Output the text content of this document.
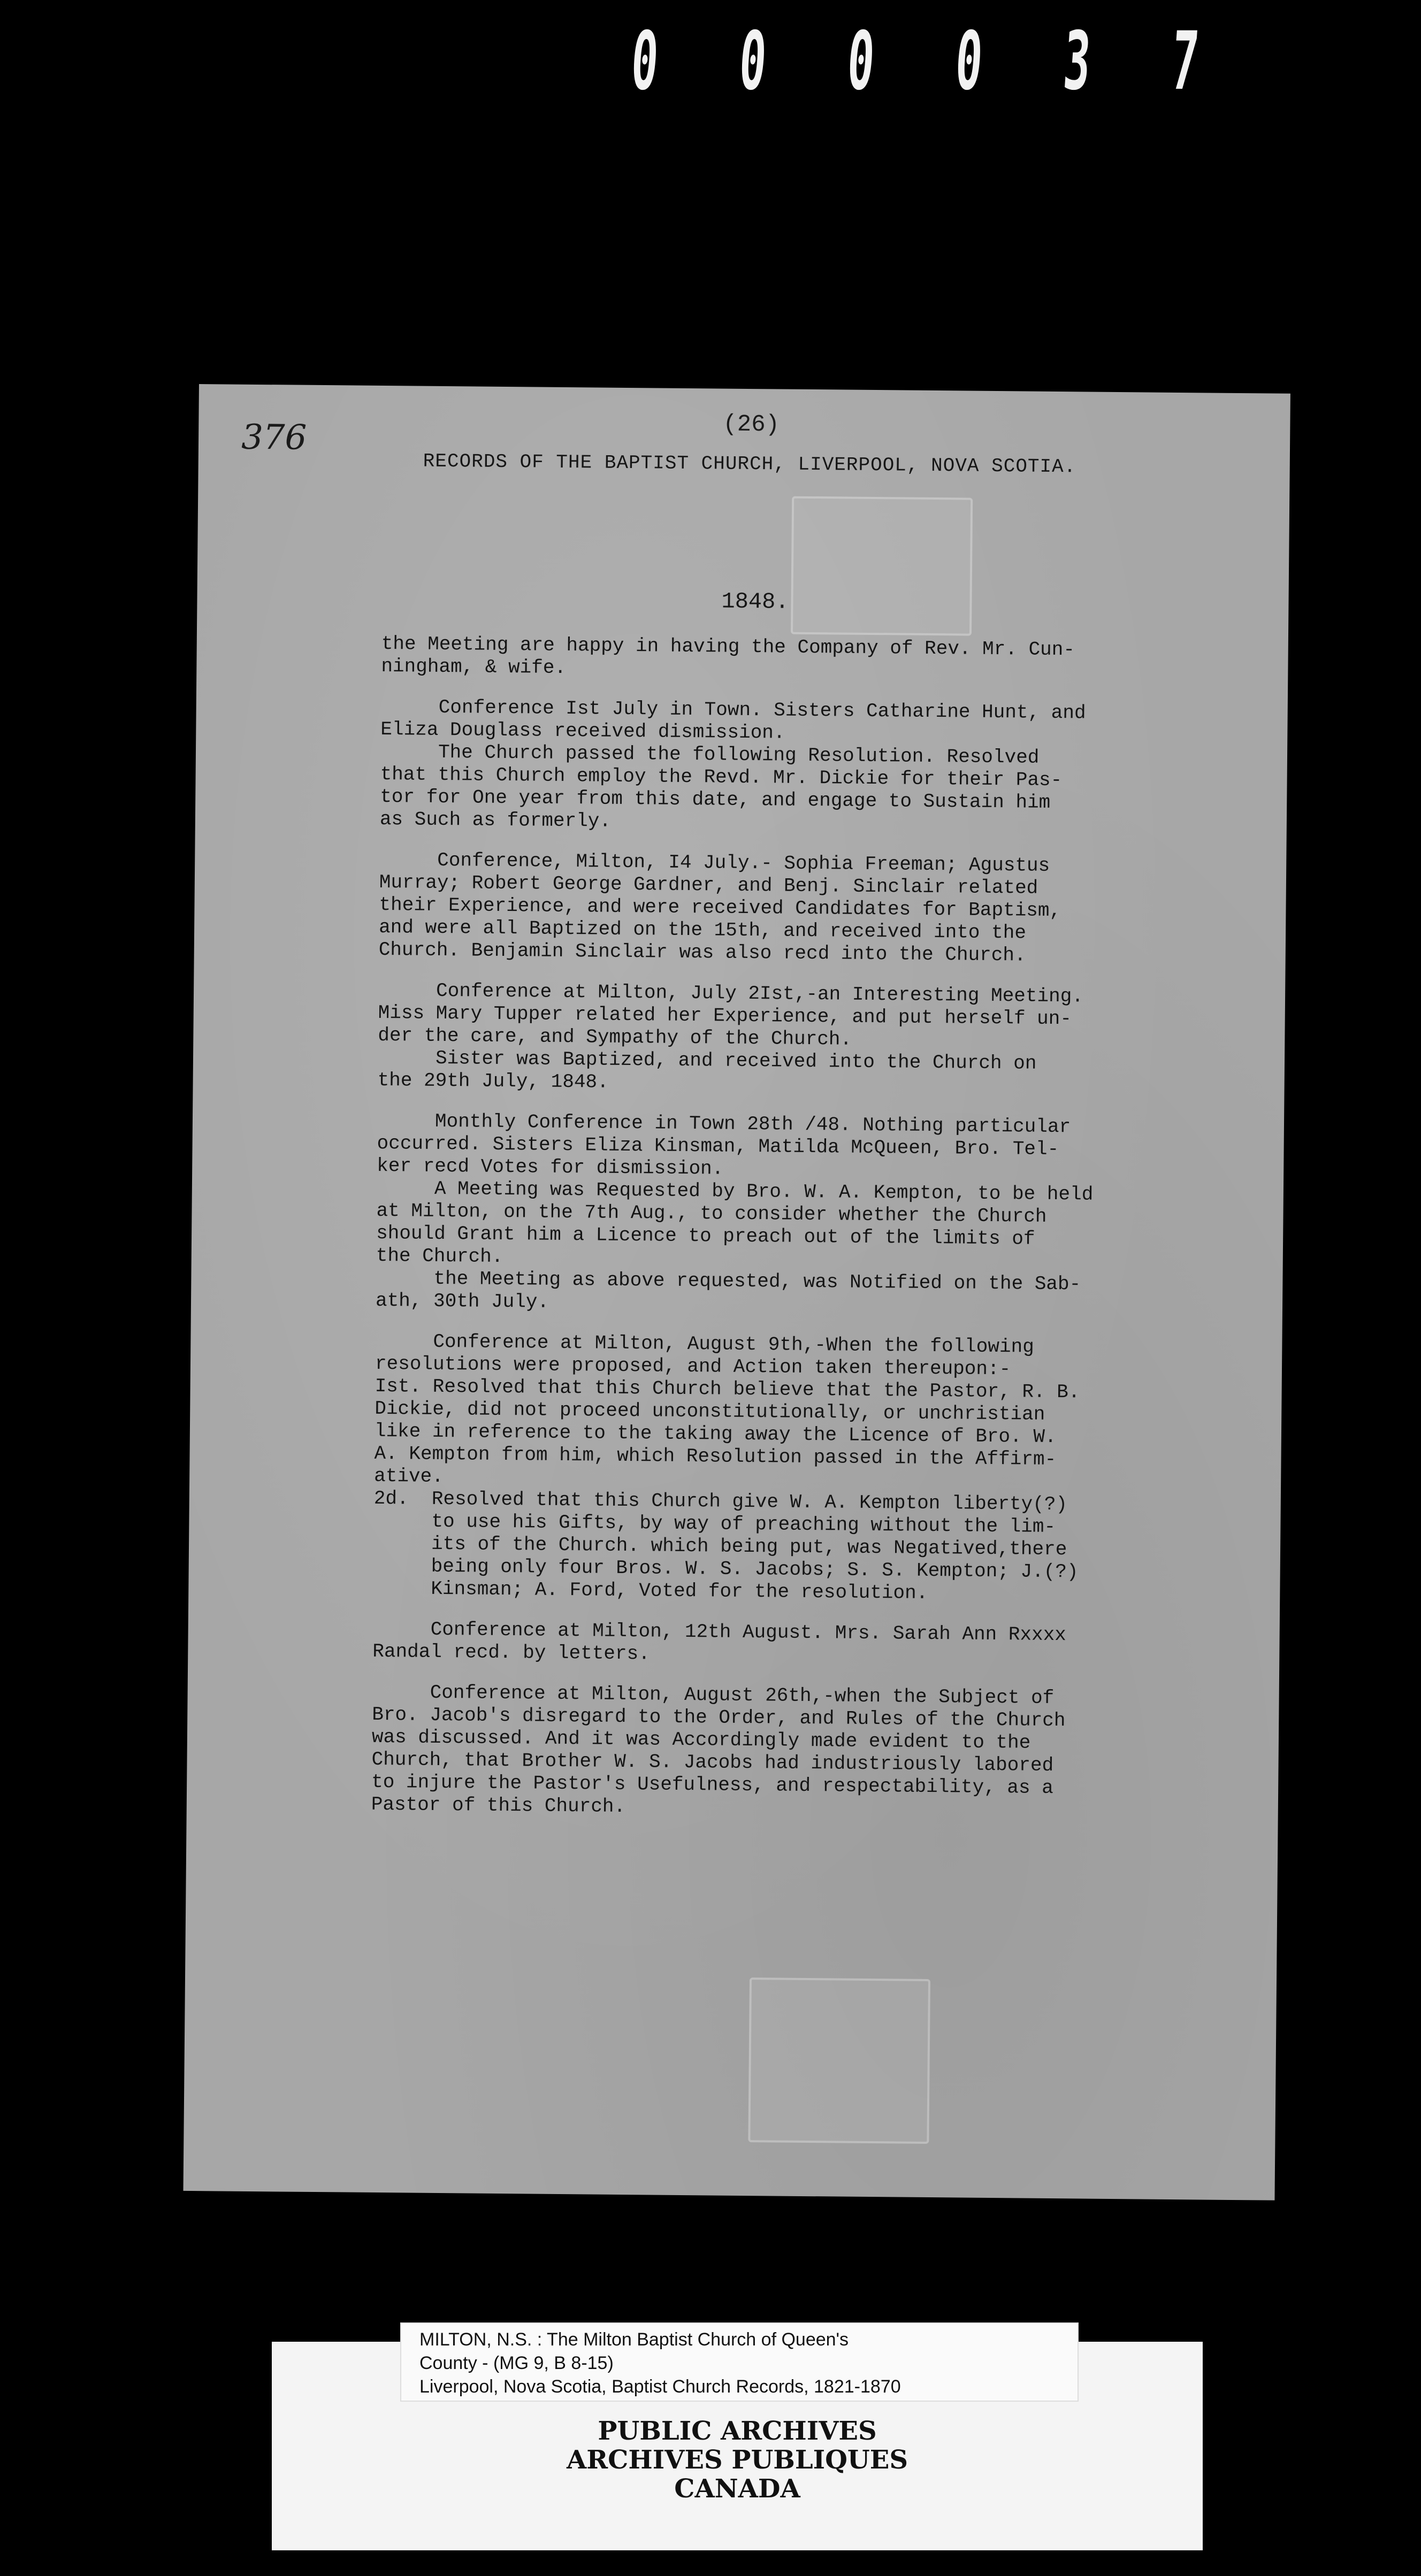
0 0 0 0 3 7
376	(26)
RECORDS OF THE BAPTIST CHURCH, LIVERPOOL, NOVA SCOTIA.
1848.
the Meeting are happy in having the Company of Rev. Mr. Cun-
ningham, & wife.
Conference Ist July in Town. Sisters Catharine Hunt, and
Eliza Douglass received dismission.
The Church passed the following Resolution. Resolved
that this Church employ the Revd. Mr. Dickie for their Pas-
tor for One year from this date, and engage to Sustain him
as Such as formerly.
Conference, Milton, I4 July.- Sophia Freeman; Agustus
Murray; Robert George Gardner, and Benj. Sinclair related
their Experience, and were received Candidates for Baptism,
and were all Baptized on the 15th, and received into the
Church. Benjamin Sinclair was also recd into the Church.
Conference at Milton, July 2Ist,-an Interesting Meeting.
Miss Mary Tupper related her Experience, and put herself un-
der the care, and Sympathy of the Church.
Sister was Baptized, and received into the Church on
the 29th July, 1848.
Monthly Conference in Town 28th /48. Nothing particular
occurred. Sisters Eliza Kinsman, Matilda McQueen, Bro. Tel-
ker recd Votes for dismission.
A Meeting was Requested by Bro. W. A. Kempton, to be held
at Milton, on the 7th Aug., to consider whether the Church
should Grant him a Licence to preach out of the limits of
the Church.
the Meeting as above requested, was Notified on the Sab-
ath, 30th July.
Conference at Milton, August 9th,-When the following
resolutions were proposed, and Action taken thereupon:-
Ist. Resolved that this Church believe that the Pastor, R. B.
Dickie, did not proceed unconstitutionally, or unchristian
like in reference to the taking away the Licence of Bro. W.
A. Kempton from him, which Resolution passed in the Affirm-
ative.
2d.  Resolved that this Church give W. A. Kempton liberty(?)
to use his Gifts, by way of preaching without the lim-
its of the Church. which being put, was Negatived,there
being only four Bros. W. S. Jacobs; S. S. Kempton; J.(?)
Kinsman; A. Ford, Voted for the resolution.
Conference at Milton, 12th August. Mrs. Sarah Ann Rxxxx
Randal recd. by letters.
Conference at Milton, August 26th,-when the Subject of
Bro. Jacob's disregard to the Order, and Rules of the Church
was discussed. And it was Accordingly made evident to the
Church, that Brother W. S. Jacobs had industriously labored
to injure the Pastor's Usefulness, and respectability, as a
Pastor of this Church.
MILTON, N.S. : The Milton Baptist Church of Queen's
County - (MG 9, B 8-15)
Liverpool, Nova Scotia, Baptist Church Records, 1821-1870
PUBLIC ARCHIVES
ARCHIVES PUBLIQUES
CANADA
